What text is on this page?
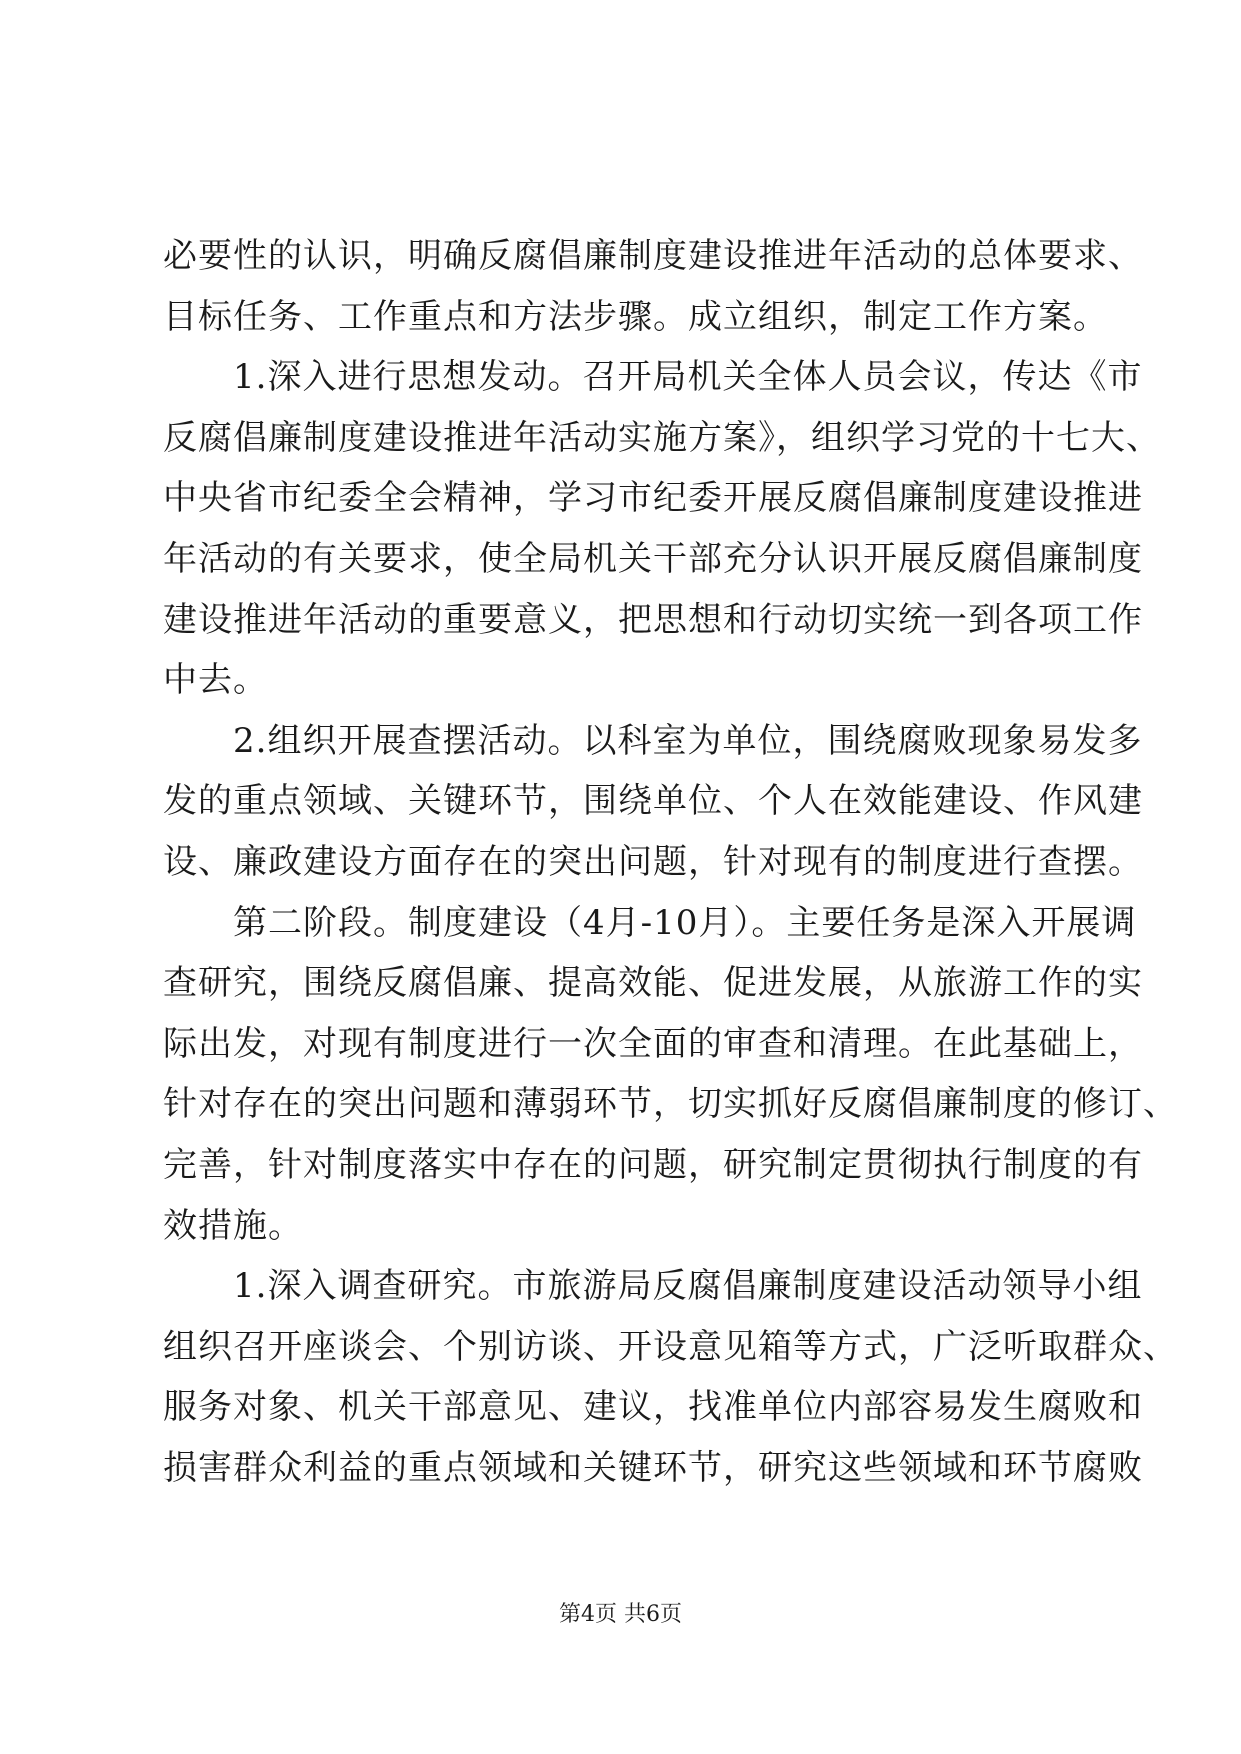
必要性的认识，明确反腐倡廉制度建设推进年活动的总体要求、
目标任务、工作重点和方法步骤。成立组织，制定工作方案。
　　1.深入进行思想发动。召开局机关全体人员会议，传达《市
反腐倡廉制度建设推进年活动实施方案》，组织学习党的十七大、
中央省市纪委全会精神，学习市纪委开展反腐倡廉制度建设推进
年活动的有关要求，使全局机关干部充分认识开展反腐倡廉制度
建设推进年活动的重要意义，把思想和行动切实统一到各项工作
中去。
　　2.组织开展查摆活动。以科室为单位，围绕腐败现象易发多
发的重点领域、关键环节，围绕单位、个人在效能建设、作风建
设、廉政建设方面存在的突出问题，针对现有的制度进行查摆。
　　第二阶段。制度建设（4月-10月）。主要任务是深入开展调
查研究，围绕反腐倡廉、提高效能、促进发展，从旅游工作的实
际出发，对现有制度进行一次全面的审查和清理。在此基础上，
针对存在的突出问题和薄弱环节，切实抓好反腐倡廉制度的修订、
完善，针对制度落实中存在的问题，研究制定贯彻执行制度的有
效措施。
　　1.深入调查研究。市旅游局反腐倡廉制度建设活动领导小组
组织召开座谈会、个别访谈、开设意见箱等方式，广泛听取群众、
服务对象、机关干部意见、建议，找准单位内部容易发生腐败和
损害群众利益的重点领域和关键环节，研究这些领域和环节腐败
第4页 共6页
